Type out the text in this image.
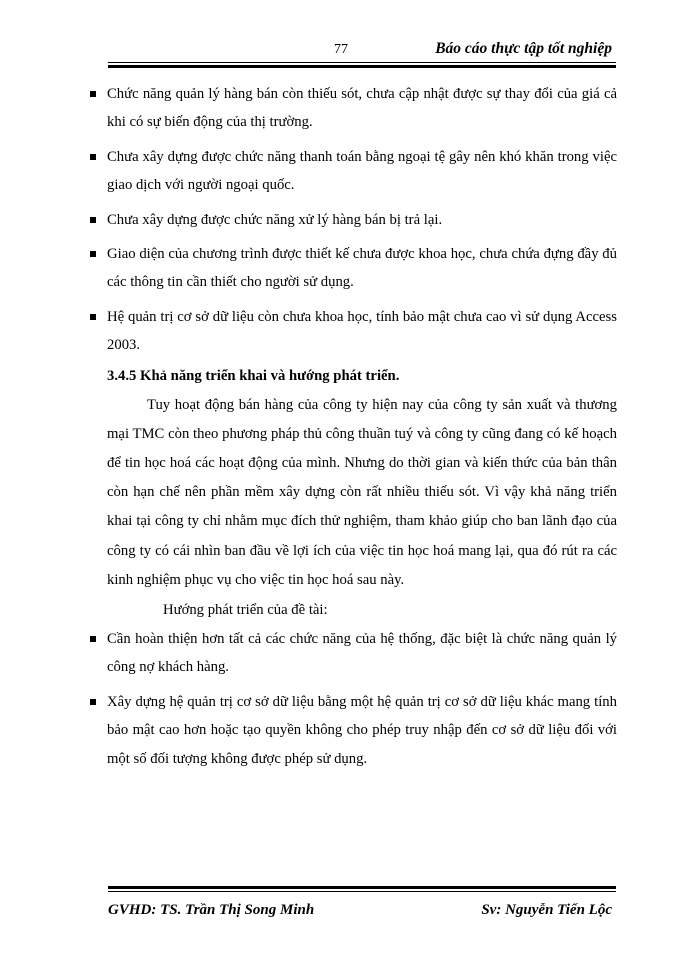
77	Báo cáo thực tập tốt nghiệp
Chức năng quản lý hàng bán còn thiếu sót, chưa cập nhật được sự thay đổi của giá cả khi có sự biến động của thị trường.
Chưa xây dựng được chức năng thanh toán bằng ngoại tệ gây nên khó khăn trong việc giao dịch với người ngoại quốc.
Chưa xây dựng được chức năng xử lý hàng bán bị trả lại.
Giao diện của chương trình được thiết kế chưa được khoa học, chưa chứa đựng đầy đủ các thông tin cần thiết cho người sử dụng.
Hệ quản trị cơ sở dữ liệu còn chưa khoa học, tính bảo mật chưa cao vì sử dụng Access 2003.
3.4.5 Khả năng triển khai và hướng phát triển.

Tuy hoạt động bán hàng của công ty hiện nay của công ty sản xuất và thương mại TMC còn theo phương pháp thủ công thuần tuý và công ty cũng đang có kế hoạch để tin học hoá các hoạt động của mình. Nhưng do thời gian và kiến thức của bản thân còn hạn chế nên phần mềm xây dựng còn rất nhiều thiếu sót. Vì vậy khả năng triển khai tại công ty chỉ nhằm mục đích thử nghiệm, tham khảo giúp cho ban lãnh đạo của công ty có cái nhìn ban đầu về lợi ích của việc tin học hoá mang lại, qua đó rút ra các kinh nghiệm phục vụ cho việc tin học hoá sau này.

Hướng phát triển của đề tài:

Cần hoàn thiện hơn tất cả các chức năng của hệ thống, đặc biệt là chức năng quản lý công nợ khách hàng.
Xây dựng hệ quản trị cơ sở dữ liệu bằng một hệ quản trị cơ sở dữ liệu khác mang tính bảo mật cao hơn hoặc tạo quyền không cho phép truy nhập đến cơ sở dữ liệu đối với một số đối tượng không được phép sử dụng.
GVHD: TS. Trần Thị Song Minh	Sv: Nguyễn Tiến Lộc
